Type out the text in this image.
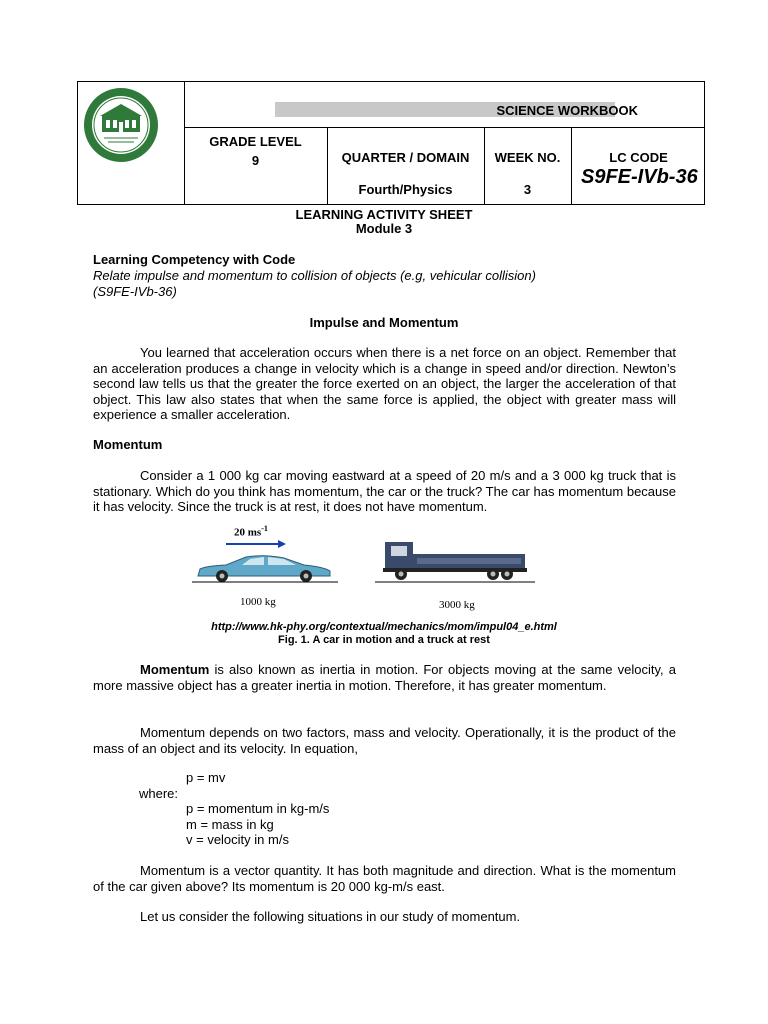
SCIENCE WORKBOOK
GRADE LEVEL
9	QUARTER / DOMAIN
Fourth/Physics
WEEK NO.
3
LC CODE
S9FE-IVb-36
LEARNING ACTIVITY SHEET
Module 3
Learning Competency with Code
Relate impulse and momentum to collision of objects (e.g, vehicular collision)
(S9FE-IVb-36)
Impulse and Momentum
You learned that acceleration occurs when there is a net force on an object. Remember that an acceleration produces a change in velocity which is a change in speed and/or direction. Newton’s second law tells us that the greater the force exerted on an object, the larger the acceleration of that object. This law also states that when the same force is applied, the object with greater mass will experience a smaller acceleration.
Momentum
Consider a 1 000 kg car moving eastward at a speed of 20 m/s and a 3 000 kg truck that is stationary. Which do you think has momentum, the car or the truck? The car has momentum because it has velocity. Since the truck is at rest, it does not have momentum.
20 $ms^{-1}$
1000 kg	3000 kg
http://www.hk-phy.org/contextual/mechanics/mom/impul04_e.html
Fig. 1. A car in motion and a truck at rest
Momentum is also known as inertia in motion. For objects moving at the same velocity, a more massive object has a greater inertia in motion. Therefore, it has greater momentum.
Momentum depends on two factors, mass and velocity. Operationally, it is the product of the mass of an object and its velocity. In equation,
p = mv
where:
p = momentum in kg-m/s
m = mass in kg
v = velocity in m/s
Momentum is a vector quantity. It has both magnitude and direction. What is the momentum of the car given above? Its momentum is 20 000 kg-m/s east.
Let us consider the following situations in our study of momentum.
